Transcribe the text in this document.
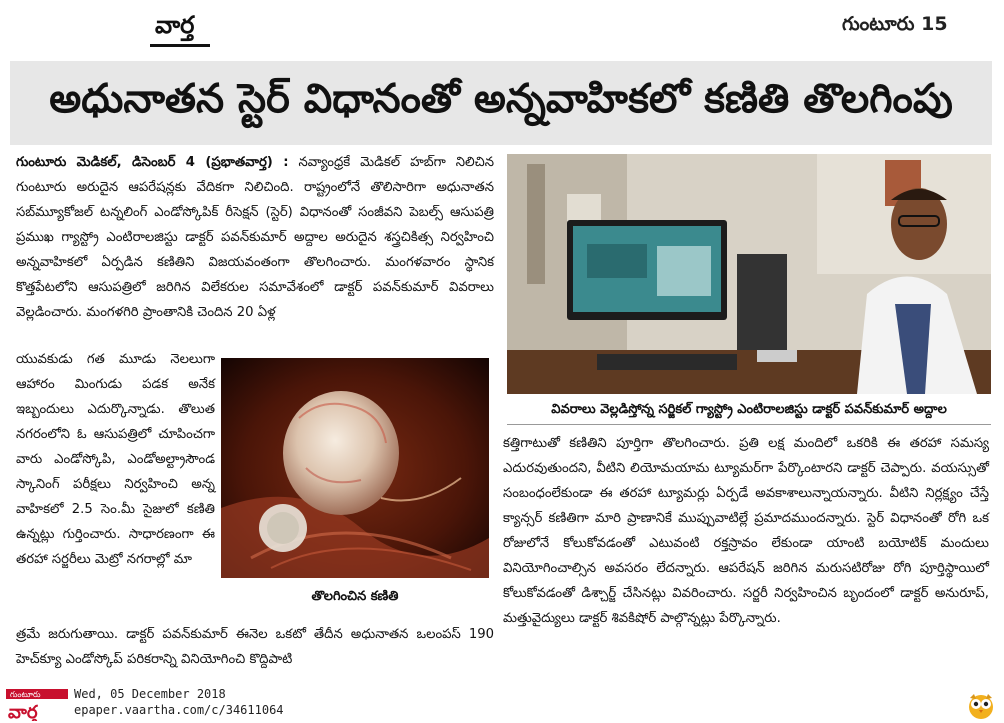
వార్త	గుంటూరు 15
అధునాతన స్టెర్ విధానంతో అన్నవాహికలో కణితి తొలగింపు
గుంటూరు మెడికల్, డిసెంబర్ 4 (ప్రభాతవార్త) : నవ్యాంధ్రకే మెడికల్ హబ్‌గా నిలిచిన గుంటూరు అరుదైన ఆపరేషన్లకు వేదికగా నిలిచింది. రాష్ట్రంలోనే తొలిసారిగా అధునాతన సబ్‌మ్యూకోజల్ టన్నలింగ్ ఎండోస్కోపిక్ రీసెక్షన్ (స్టెర్) విధానంతో సంజీవని పెబల్స్ ఆసుపత్రి ప్రముఖ గ్యాస్ట్రో ఎంటిరాలజిస్టు డాక్టర్ పవన్‌కుమార్ అద్దాల అరుదైన శస్త్రచికిత్స నిర్వహించి అన్నవాహికలో ఏర్పడిన కణితిని విజయవంతంగా తొలగించారు. మంగళవారం స్థానిక కొత్తపేటలోని ఆసుపత్రిలో జరిగిన విలేకరుల సమావేశంలో డాక్టర్ పవన్‌కుమార్ వివరాలు వెల్లడించారు. మంగళగిరి ప్రాంతానికి చెందిన 20 ఏళ్ల
యువకుడు గత మూడు నెలలుగా ఆహారం మింగుడు పడక అనేక ఇబ్బందులు ఎదుర్కొన్నాడు. తొలుత నగరంలోని ఓ ఆసుపత్రిలో చూపించగా వారు ఎండోస్కోపి, ఎండోఅల్ట్రాసౌండ స్కానింగ్ పరీక్షలు నిర్వహించి అన్న వాహికలో 2.5 సెం.మీ సైజులో కణితి ఉన్నట్లు గుర్తించారు. సాధారణంగా ఈ తరహా సర్జరీలు మెట్రో నగరాల్లో మా
తొలగించిన కణితి
త్రమే జరుగుతాయి. డాక్టర్ పవన్‌కుమార్ ఈనెల ఒకటో తేదీన అధునాతన ఒలంపస్ 190 హెచ్‌క్యూ ఎండోస్కోప్ పరికరాన్ని వినియోగించి కొద్దిపాటి
వివరాలు వెల్లడిస్తోన్న సర్జికల్ గ్యాస్ట్రో ఎంటిరాలజిస్టు డాక్టర్ పవన్‌కుమార్ అద్దాల
కత్తిగాటుతో కణితిని పూర్తిగా తొలగించారు. ప్రతి లక్ష మందిలో ఒకరికి ఈ తరహా సమస్య ఎదురవుతుందని, వీటిని లియోమయామ ట్యూమర్‌గా పేర్కొంటారని డాక్టర్ చెప్పారు. వయస్సుతో సంబంధంలేకుండా ఈ తరహా ట్యూమర్లు ఏర్పడే అవకాశాలున్నాయన్నారు. వీటిని నిర్లక్ష్యం చేస్తే క్యాన్సర్ కణితిగా మారి ప్రాణానికే ముప్పువాటిల్లే ప్రమాదముందన్నారు. స్టెర్ విధానంతో రోగి ఒక రోజులోనే కోలుకోవడంతో ఎటువంటి రక్తస్రావం లేకుండా యాంటి బయోటిక్ మందులు వినియోగించాల్సిన అవసరం లేదన్నారు. ఆపరేషన్ జరిగిన మరుసటిరోజు రోగి పూర్తిస్థాయిలో కోలుకోవడంతో డిశ్చార్జ్ చేసినట్లు వివరించారు. సర్జరీ నిర్వహించిన బృందంలో డాక్టర్ అనురూప్, మత్తువైద్యులు డాక్టర్ శివకిషోర్ పాల్గొన్నట్లు పేర్కొన్నారు.
గుంటూరు
వార్త
Wed, 05 December 2018
epaper.vaartha.com/c/34611064
